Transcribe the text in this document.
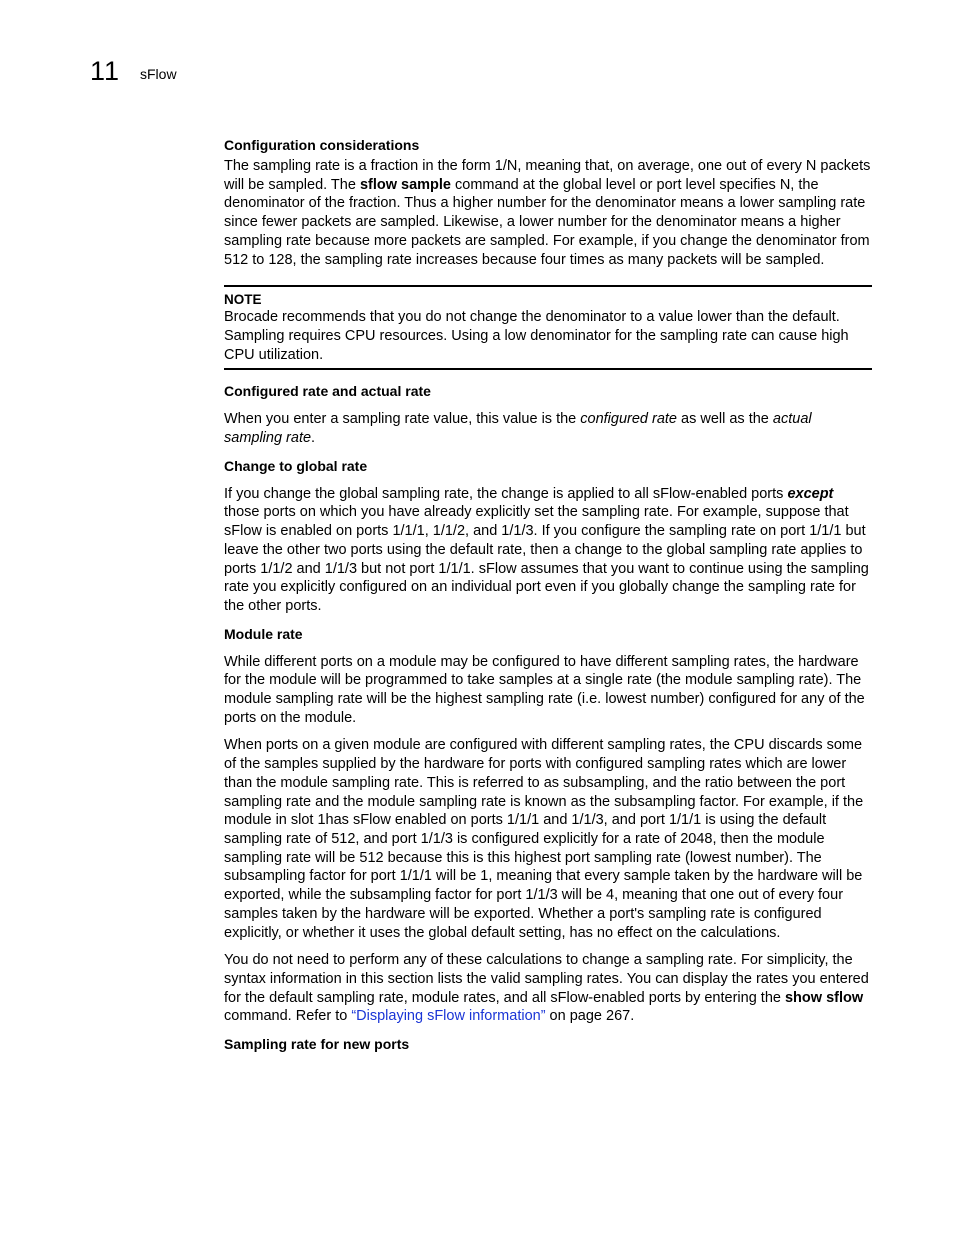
11 sFlow
Configuration considerations

The sampling rate is a fraction in the form 1/N, meaning that, on average, one out of every N packets will be sampled. The sflow sample command at the global level or port level specifies N, the denominator of the fraction. Thus a higher number for the denominator means a lower sampling rate since fewer packets are sampled. Likewise, a lower number for the denominator means a higher sampling rate because more packets are sampled. For example, if you change the denominator from 512 to 128, the sampling rate increases because four times as many packets will be sampled.

NOTE

Brocade recommends that you do not change the denominator to a value lower than the default. Sampling requires CPU resources. Using a low denominator for the sampling rate can cause high CPU utilization.

Configured rate and actual rate

When you enter a sampling rate value, this value is the configured rate as well as the actual sampling rate.

Change to global rate

If you change the global sampling rate, the change is applied to all sFlow-enabled ports except those ports on which you have already explicitly set the sampling rate. For example, suppose that sFlow is enabled on ports 1/1/1, 1/1/2, and 1/1/3. If you configure the sampling rate on port 1/1/1 but leave the other two ports using the default rate, then a change to the global sampling rate applies to ports 1/1/2 and 1/1/3 but not port 1/1/1. sFlow assumes that you want to continue using the sampling rate you explicitly configured on an individual port even if you globally change the sampling rate for the other ports.

Module rate

While different ports on a module may be configured to have different sampling rates, the hardware for the module will be programmed to take samples at a single rate (the module sampling rate). The module sampling rate will be the highest sampling rate (i.e. lowest number) configured for any of the ports on the module.

When ports on a given module are configured with different sampling rates, the CPU discards some of the samples supplied by the hardware for ports with configured sampling rates which are lower than the module sampling rate. This is referred to as subsampling, and the ratio between the port sampling rate and the module sampling rate is known as the subsampling factor. For example, if the module in slot 1has sFlow enabled on ports 1/1/1 and 1/1/3, and port 1/1/1 is using the default sampling rate of 512, and port 1/1/3 is configured explicitly for a rate of 2048, then the module sampling rate will be 512 because this is this highest port sampling rate (lowest number). The subsampling factor for port 1/1/1 will be 1, meaning that every sample taken by the hardware will be exported, while the subsampling factor for port 1/1/3 will be 4, meaning that one out of every four samples taken by the hardware will be exported. Whether a port's sampling rate is configured explicitly, or whether it uses the global default setting, has no effect on the calculations.

You do not need to perform any of these calculations to change a sampling rate. For simplicity, the syntax information in this section lists the valid sampling rates. You can display the rates you entered for the default sampling rate, module rates, and all sFlow-enabled ports by entering the show sflow command. Refer to “Displaying sFlow information” on page 267.

Sampling rate for new ports
